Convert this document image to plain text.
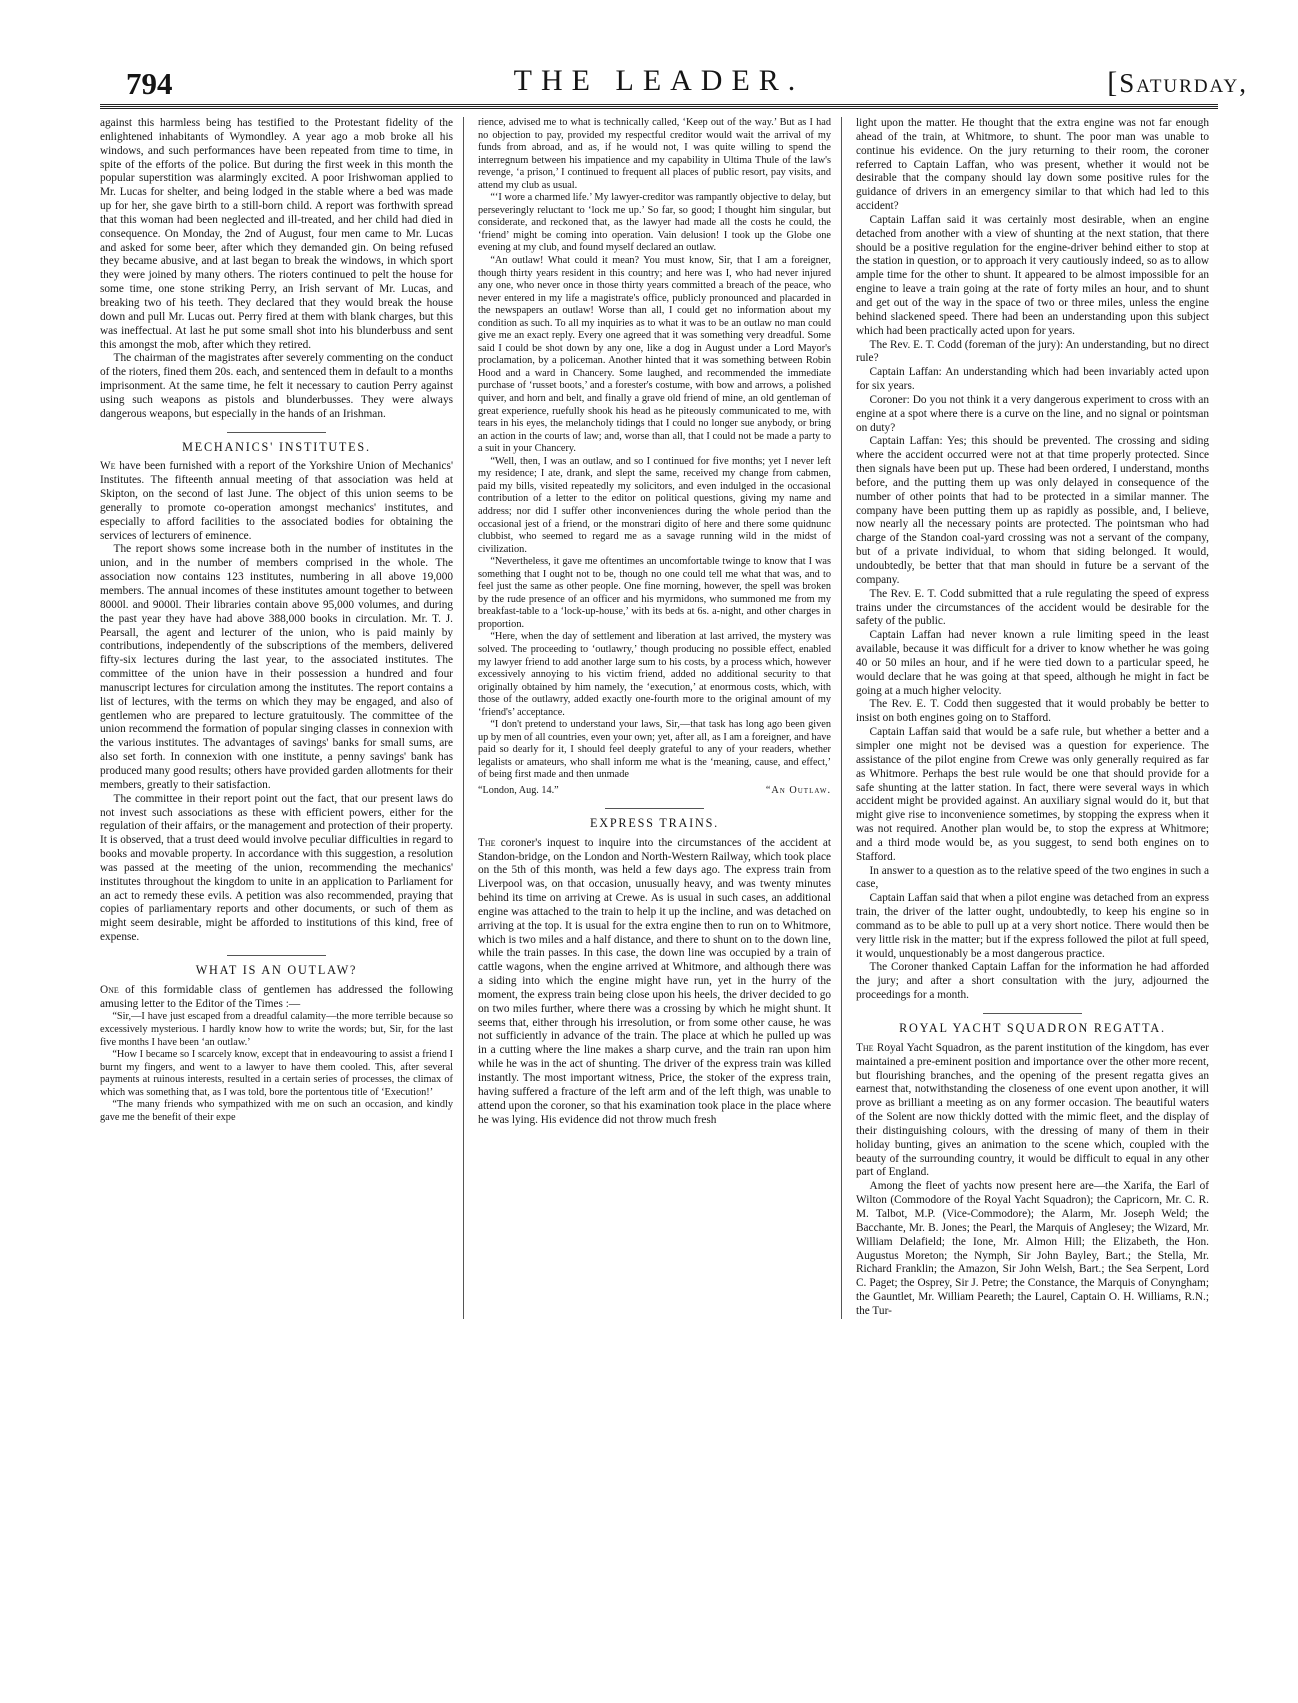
794	THE LEADER.	[Saturday,

against this harmless being has testified to the Protestant fidelity of the enlightened inhabitants of Wymondley. A year ago a mob broke all his windows, and such performances have been repeated from time to time, in spite of the efforts of the police. But during the first week in this month the popular superstition was alarmingly excited. A poor Irishwoman applied to Mr. Lucas for shelter, and being lodged in the stable where a bed was made up for her, she gave birth to a still-born child. A report was forthwith spread that this woman had been neglected and ill-treated, and her child had died in consequence. On Monday, the 2nd of August, four men came to Mr. Lucas and asked for some beer, after which they demanded gin. On being refused they became abusive, and at last began to break the windows, in which sport they were joined by many others. The rioters continued to pelt the house for some time, one stone striking Perry, an Irish servant of Mr. Lucas, and breaking two of his teeth. They declared that they would break the house down and pull Mr. Lucas out. Perry fired at them with blank charges, but this was ineffectual. At last he put some small shot into his blunderbuss and sent this amongst the mob, after which they retired.

The chairman of the magistrates after severely commenting on the conduct of the rioters, fined them 20s. each, and sentenced them in default to a months imprisonment. At the same time, he felt it necessary to caution Perry against using such weapons as pistols and blunderbusses. They were always dangerous weapons, but especially in the hands of an Irishman.

MECHANICS' INSTITUTES.

We have been furnished with a report of the Yorkshire Union of Mechanics' Institutes. The fifteenth annual meeting of that association was held at Skipton, on the second of last June. The object of this union seems to be generally to promote co-operation amongst mechanics' institutes, and especially to afford facilities to the associated bodies for obtaining the services of lecturers of eminence.

The report shows some increase both in the number of institutes in the union, and in the number of members comprised in the whole. The association now contains 123 institutes, numbering in all above 19,000 members. The annual incomes of these institutes amount together to between 8000l. and 9000l. Their libraries contain above 95,000 volumes, and during the past year they have had above 388,000 books in circulation. Mr. T. J. Pearsall, the agent and lecturer of the union, who is paid mainly by contributions, independently of the subscriptions of the members, delivered fifty-six lectures during the last year, to the associated institutes. The committee of the union have in their possession a hundred and four manuscript lectures for circulation among the institutes. The report contains a list of lectures, with the terms on which they may be engaged, and also of gentlemen who are prepared to lecture gratuitously. The committee of the union recommend the formation of popular singing classes in connexion with the various institutes. The advantages of savings' banks for small sums, are also set forth. In connexion with one institute, a penny savings' bank has produced many good results; others have provided garden allotments for their members, greatly to their satisfaction.

The committee in their report point out the fact, that our present laws do not invest such associations as these with efficient powers, either for the regulation of their affairs, or the management and protection of their property. It is observed, that a trust deed would involve peculiar difficulties in regard to books and movable property. In accordance with this suggestion, a resolution was passed at the meeting of the union, recommending the mechanics' institutes throughout the kingdom to unite in an application to Parliament for an act to remedy these evils. A petition was also recommended, praying that copies of parliamentary reports and other documents, or such of them as might seem desirable, might be afforded to institutions of this kind, free of expense.

WHAT IS AN OUTLAW?

One of this formidable class of gentlemen has addressed the following amusing letter to the Editor of the Times :—

“Sir,—I have just escaped from a dreadful calamity—the more terrible because so excessively mysterious. I hardly know how to write the words; but, Sir, for the last five months I have been ‘an outlaw.’

“How I became so I scarcely know, except that in endeavouring to assist a friend I burnt my fingers, and went to a lawyer to have them cooled. This, after several payments at ruinous interests, resulted in a certain series of processes, the climax of which was something that, as I was told, bore the portentous title of ‘Execution!’

“The many friends who sympathized with me on such an occasion, and kindly gave me the benefit of their expe

rience, advised me to what is technically called, ‘Keep out of the way.’ But as I had no objection to pay, provided my respectful creditor would wait the arrival of my funds from abroad, and as, if he would not, I was quite willing to spend the interregnum between his impatience and my capability in Ultima Thule of the law's revenge, ‘a prison,’ I continued to frequent all places of public resort, pay visits, and attend my club as usual.

“‘I wore a charmed life.’ My lawyer-creditor was rampantly objective to delay, but perseveringly reluctant to ‘lock me up.’ So far, so good; I thought him singular, but considerate, and reckoned that, as the lawyer had made all the costs he could, the ‘friend’ might be coming into operation. Vain delusion! I took up the Globe one evening at my club, and found myself declared an outlaw.

“An outlaw! What could it mean? You must know, Sir, that I am a foreigner, though thirty years resident in this country; and here was I, who had never injured any one, who never once in those thirty years committed a breach of the peace, who never entered in my life a magistrate's office, publicly pronounced and placarded in the newspapers an outlaw! Worse than all, I could get no information about my condition as such. To all my inquiries as to what it was to be an outlaw no man could give me an exact reply. Every one agreed that it was something very dreadful. Some said I could be shot down by any one, like a dog in August under a Lord Mayor's proclamation, by a policeman. Another hinted that it was something between Robin Hood and a ward in Chancery. Some laughed, and recommended the immediate purchase of ‘russet boots,’ and a forester's costume, with bow and arrows, a polished quiver, and horn and belt, and finally a grave old friend of mine, an old gentleman of great experience, ruefully shook his head as he piteously communicated to me, with tears in his eyes, the melancholy tidings that I could no longer sue anybody, or bring an action in the courts of law; and, worse than all, that I could not be made a party to a suit in your Chancery.

“Well, then, I was an outlaw, and so I continued for five months; yet I never left my residence; I ate, drank, and slept the same, received my change from cabmen, paid my bills, visited repeatedly my solicitors, and even indulged in the occasional contribution of a letter to the editor on political questions, giving my name and address; nor did I suffer other inconveniences during the whole period than the occasional jest of a friend, or the monstrari digito of here and there some quidnunc clubbist, who seemed to regard me as a savage running wild in the midst of civilization.

“Nevertheless, it gave me oftentimes an uncomfortable twinge to know that I was something that I ought not to be, though no one could tell me what that was, and to feel just the same as other people. One fine morning, however, the spell was broken by the rude presence of an officer and his myrmidons, who summoned me from my breakfast-table to a ‘lock-up-house,’ with its beds at 6s. a-night, and other charges in proportion.

“Here, when the day of settlement and liberation at last arrived, the mystery was solved. The proceeding to ‘outlawry,’ though producing no possible effect, enabled my lawyer friend to add another large sum to his costs, by a process which, however excessively annoying to his victim friend, added no additional security to that originally obtained by him namely, the ‘execution,’ at enormous costs, which, with those of the outlawry, added exactly one-fourth more to the original amount of my ‘friend's’ acceptance.

“I don't pretend to understand your laws, Sir,—that task has long ago been given up by men of all countries, even your own; yet, after all, as I am a foreigner, and have paid so dearly for it, I should feel deeply grateful to any of your readers, whether legalists or amateurs, who shall inform me what is the ‘meaning, cause, and effect,’ of being first made and then unmade

“London, Aug. 14.”	“An Outlaw.
EXPRESS TRAINS.

The coroner's inquest to inquire into the circumstances of the accident at Standon-bridge, on the London and North-Western Railway, which took place on the 5th of this month, was held a few days ago. The express train from Liverpool was, on that occasion, unusually heavy, and was twenty minutes behind its time on arriving at Crewe. As is usual in such cases, an additional engine was attached to the train to help it up the incline, and was detached on arriving at the top. It is usual for the extra engine then to run on to Whitmore, which is two miles and a half distance, and there to shunt on to the down line, while the train passes. In this case, the down line was occupied by a train of cattle wagons, when the engine arrived at Whitmore, and although there was a siding into which the engine might have run, yet in the hurry of the moment, the express train being close upon his heels, the driver decided to go on two miles further, where there was a crossing by which he might shunt. It seems that, either through his irresolution, or from some other cause, he was not sufficiently in advance of the train. The place at which he pulled up was in a cutting where the line makes a sharp curve, and the train ran upon him while he was in the act of shunting. The driver of the express train was killed instantly. The most important witness, Price, the stoker of the express train, having suffered a fracture of the left arm and of the left thigh, was unable to attend upon the coroner, so that his examination took place in the place where he was lying. His evidence did not throw much fresh

light upon the matter. He thought that the extra engine was not far enough ahead of the train, at Whitmore, to shunt. The poor man was unable to continue his evidence. On the jury returning to their room, the coroner referred to Captain Laffan, who was present, whether it would not be desirable that the company should lay down some positive rules for the guidance of drivers in an emergency similar to that which had led to this accident?

Captain Laffan said it was certainly most desirable, when an engine detached from another with a view of shunting at the next station, that there should be a positive regulation for the engine-driver behind either to stop at the station in question, or to approach it very cautiously indeed, so as to allow ample time for the other to shunt. It appeared to be almost impossible for an engine to leave a train going at the rate of forty miles an hour, and to shunt and get out of the way in the space of two or three miles, unless the engine behind slackened speed. There had been an understanding upon this subject which had been practically acted upon for years.

The Rev. E. T. Codd (foreman of the jury): An understanding, but no direct rule?

Captain Laffan: An understanding which had been invariably acted upon for six years.

Coroner: Do you not think it a very dangerous experiment to cross with an engine at a spot where there is a curve on the line, and no signal or pointsman on duty?

Captain Laffan: Yes; this should be prevented. The crossing and siding where the accident occurred were not at that time properly protected. Since then signals have been put up. These had been ordered, I understand, months before, and the putting them up was only delayed in consequence of the number of other points that had to be protected in a similar manner. The company have been putting them up as rapidly as possible, and, I believe, now nearly all the necessary points are protected. The pointsman who had charge of the Standon coal-yard crossing was not a servant of the company, but of a private individual, to whom that siding belonged. It would, undoubtedly, be better that that man should in future be a servant of the company.

The Rev. E. T. Codd submitted that a rule regulating the speed of express trains under the circumstances of the accident would be desirable for the safety of the public.

Captain Laffan had never known a rule limiting speed in the least available, because it was difficult for a driver to know whether he was going 40 or 50 miles an hour, and if he were tied down to a particular speed, he would declare that he was going at that speed, although he might in fact be going at a much higher velocity.

The Rev. E. T. Codd then suggested that it would probably be better to insist on both engines going on to Stafford.

Captain Laffan said that would be a safe rule, but whether a better and a simpler one might not be devised was a question for experience. The assistance of the pilot engine from Crewe was only generally required as far as Whitmore. Perhaps the best rule would be one that should provide for a safe shunting at the latter station. In fact, there were several ways in which accident might be provided against. An auxiliary signal would do it, but that might give rise to inconvenience sometimes, by stopping the express when it was not required. Another plan would be, to stop the express at Whitmore; and a third mode would be, as you suggest, to send both engines on to Stafford.

In answer to a question as to the relative speed of the two engines in such a case,

Captain Laffan said that when a pilot engine was detached from an express train, the driver of the latter ought, undoubtedly, to keep his engine so in command as to be able to pull up at a very short notice. There would then be very little risk in the matter; but if the express followed the pilot at full speed, it would, unquestionably be a most dangerous practice.

The Coroner thanked Captain Laffan for the information he had afforded the jury; and after a short consultation with the jury, adjourned the proceedings for a month.

ROYAL YACHT SQUADRON REGATTA.

The Royal Yacht Squadron, as the parent institution of the kingdom, has ever maintained a pre-eminent position and importance over the other more recent, but flourishing branches, and the opening of the present regatta gives an earnest that, notwithstanding the closeness of one event upon another, it will prove as brilliant a meeting as on any former occasion. The beautiful waters of the Solent are now thickly dotted with the mimic fleet, and the display of their distinguishing colours, with the dressing of many of them in their holiday bunting, gives an animation to the scene which, coupled with the beauty of the surrounding country, it would be difficult to equal in any other part of England.

Among the fleet of yachts now present here are—the Xarifa, the Earl of Wilton (Commodore of the Royal Yacht Squadron); the Capricorn, Mr. C. R. M. Talbot, M.P. (Vice-Commodore); the Alarm, Mr. Joseph Weld; the Bacchante, Mr. B. Jones; the Pearl, the Marquis of Anglesey; the Wizard, Mr. William Delafield; the Ione, Mr. Almon Hill; the Elizabeth, the Hon. Augustus Moreton; the Nymph, Sir John Bayley, Bart.; the Stella, Mr. Richard Franklin; the Amazon, Sir John Welsh, Bart.; the Sea Serpent, Lord C. Paget; the Osprey, Sir J. Petre; the Constance, the Marquis of Conyngham; the Gauntlet, Mr. William Peareth; the Laurel, Captain O. H. Williams, R.N.; the Tur-
